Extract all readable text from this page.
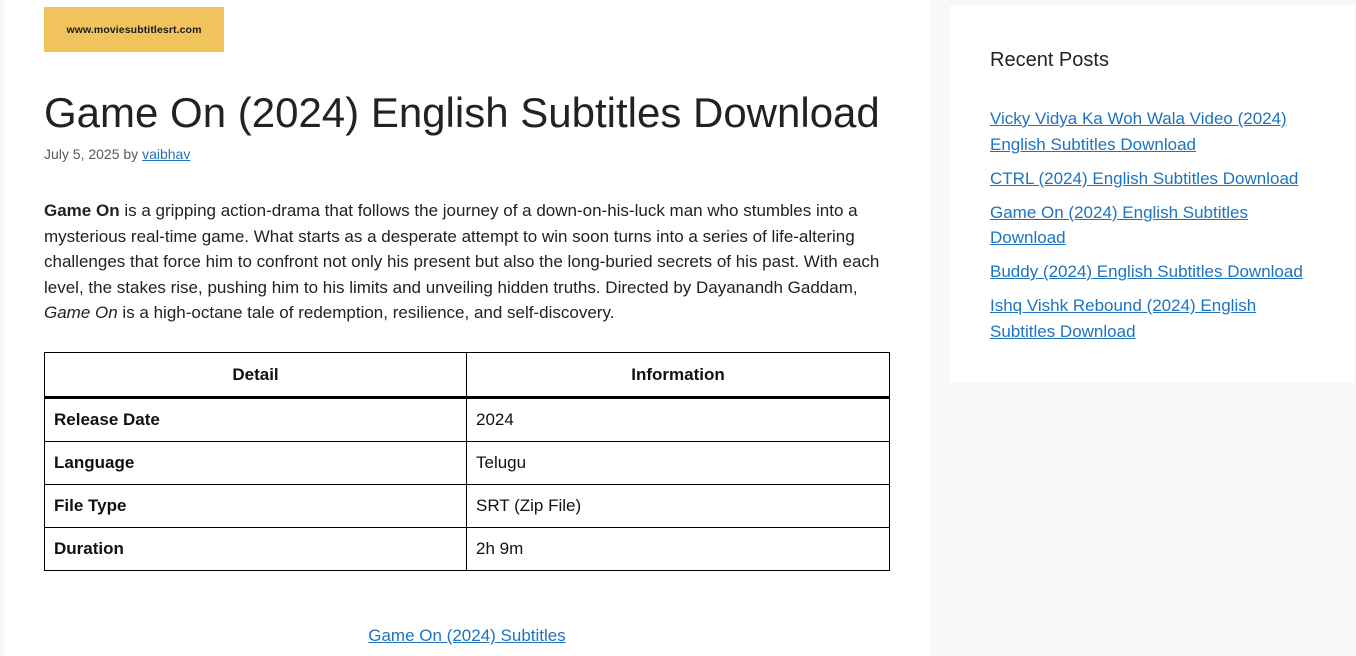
www.moviesubtitlesrt.com
Game On (2024) English Subtitles Download
July 5, 2025 by vaibhav

Game On is a gripping action-drama that follows the journey of a down-on-his-luck man who stumbles into a mysterious real-time game. What starts as a desperate attempt to win soon turns into a series of life-altering challenges that force him to confront not only his present but also the long-buried secrets of his past. With each level, the stakes rise, pushing him to his limits and unveiling hidden truths. Directed by Dayanandh Gaddam, Game On is a high-octane tale of redemption, resilience, and self-discovery.

Detail	Information
Release Date	2024
Language	Telugu
File Type	SRT (Zip File)
Duration	2h 9m
Game On (2024) Subtitles
Recent Posts
Vicky Vidya Ka Woh Wala Video (2024) English Subtitles Download
CTRL (2024) English Subtitles Download
Game On (2024) English Subtitles Download
Buddy (2024) English Subtitles Download
Ishq Vishk Rebound (2024) English Subtitles Download
